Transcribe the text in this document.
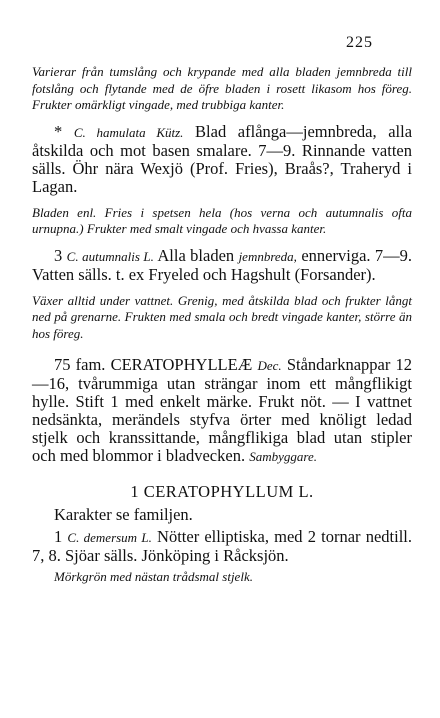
225

Varierar från tumslång och krypande med alla bladen jemnbreda till fotslång och flytande med de öfre bladen i rosett likasom hos föreg. Frukter omärkligt vingade, med trubbiga kanter.

* C. hamulata Kütz. Blad aflånga—jemnbreda, alla åtskilda och mot basen smalare. 7—9. Rinnande vatten sälls. Öhr nära Wexjö (Prof. Fries), Braås?, Traheryd i Lagan.

Bladen enl. Fries i spetsen hela (hos verna och autumnalis ofta urnupna.) Frukter med smalt vingade och hvassa kanter.

3 C. autumnalis L. Alla bladen jemnbreda, ennerviga. 7—9. Vatten sälls. t. ex Fryeled och Hagshult (Forsander).

Växer alltid under vattnet. Grenig, med åtskilda blad och frukter långt ned på grenarne. Frukten med smala och bredt vingade kanter, större än hos föreg.

75 fam. CERATOPHYLLEÆ Dec. Ståndarknappar 12—16, tvårummiga utan strängar inom ett mångflikigt hylle. Stift 1 med enkelt märke. Frukt nöt. — I vattnet nedsänkta, merändels styfva örter med knöligt ledad stjelk och kranssittande, mångflikiga blad utan stipler och med blommor i bladvecken. Sambyggare.

1 CERATOPHYLLUM L.

Karakter se familjen.

1 C. demersum L. Nötter elliptiska, med 2 tornar nedtill. 7, 8. Sjöar sälls. Jönköping i Råcksjön.

Mörkgrön med nästan trådsmal stjelk.
